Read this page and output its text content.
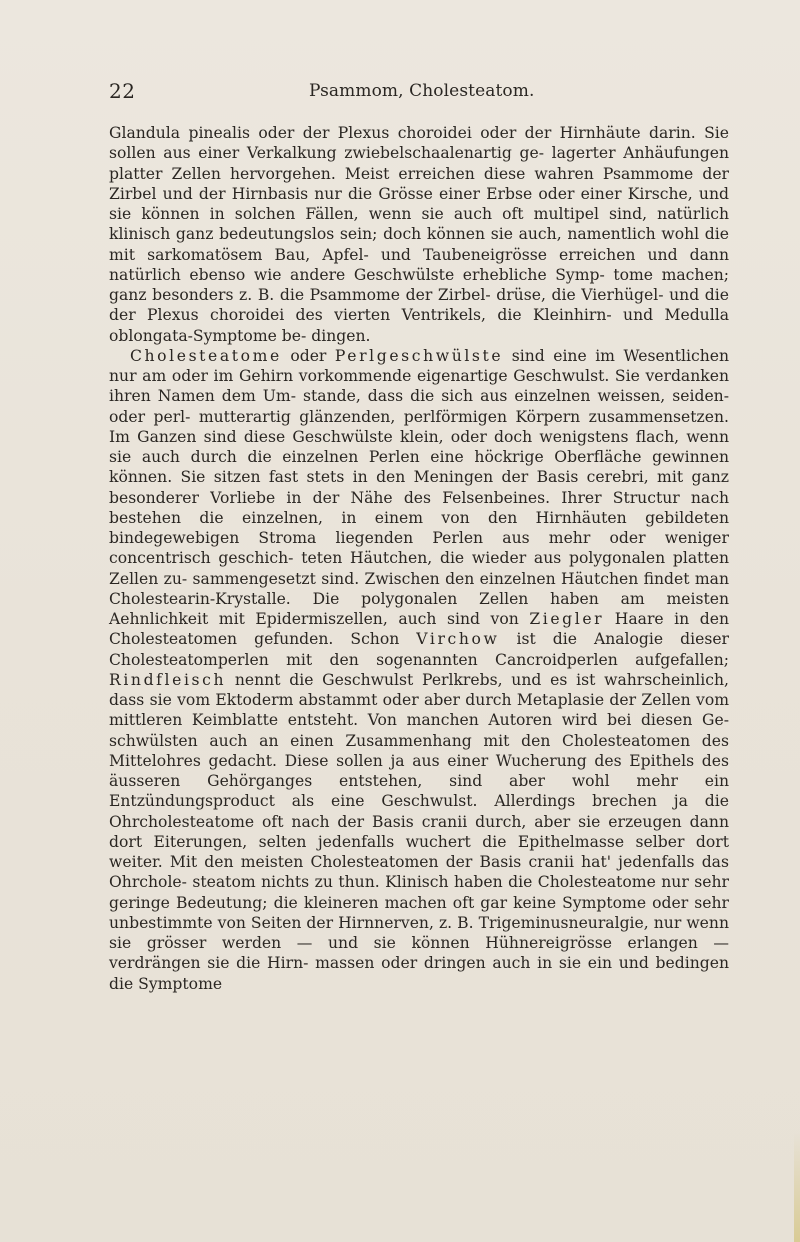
22	Psammom, Cholesteatom.

Glandula pinealis oder der Plexus choroidei oder der Hirnhäute darin. Sie sollen aus einer Verkalkung zwiebelschaalenartig ge- lagerter Anhäufungen platter Zellen hervorgehen. Meist erreichen diese wahren Psammome der Zirbel und der Hirnbasis nur die Grösse einer Erbse oder einer Kirsche, und sie können in solchen Fällen, wenn sie auch oft multipel sind, natürlich klinisch ganz bedeutungslos sein; doch können sie auch, namentlich wohl die mit sarkomatösem Bau, Apfel- und Taubeneigrösse erreichen und dann natürlich ebenso wie andere Geschwülste erhebliche Symp- tome machen; ganz besonders z. B. die Psammome der Zirbel- drüse, die Vierhügel- und die der Plexus choroidei des vierten Ventrikels, die Kleinhirn- und Medulla oblongata-Symptome be- dingen.

Cholesteatome oder Perlgeschwülste sind eine im Wesentlichen nur am oder im Gehirn vorkommende eigenartige Geschwulst. Sie verdanken ihren Namen dem Um- stande, dass die sich aus einzelnen weissen, seiden- oder perl- mutterartig glänzenden, perlförmigen Körpern zusammensetzen. Im Ganzen sind diese Geschwülste klein, oder doch wenigstens flach, wenn sie auch durch die einzelnen Perlen eine höckrige Oberfläche gewinnen können. Sie sitzen fast stets in den Meningen der Basis cerebri, mit ganz besonderer Vorliebe in der Nähe des Felsenbeines. Ihrer Structur nach bestehen die einzelnen, in einem von den Hirnhäuten gebildeten bindegewebigen Stroma liegenden Perlen aus mehr oder weniger concentrisch geschich- teten Häutchen, die wieder aus polygonalen platten Zellen zu- sammengesetzt sind. Zwischen den einzelnen Häutchen findet man Cholestearin-Krystalle. Die polygonalen Zellen haben am meisten Aehnlichkeit mit Epidermiszellen, auch sind von Ziegler Haare in den Cholesteatomen gefunden. Schon Virchow ist die Analogie dieser Cholesteatomperlen mit den sogenannten Cancroidperlen aufgefallen; Rindfleisch nennt die Geschwulst Perlkrebs, und es ist wahrscheinlich, dass sie vom Ektoderm abstammt oder aber durch Metaplasie der Zellen vom mittleren Keimblatte entsteht. Von manchen Autoren wird bei diesen Ge- schwülsten auch an einen Zusammenhang mit den Cholesteatomen des Mittelohres gedacht. Diese sollen ja aus einer Wucherung des Epithels des äusseren Gehörganges entstehen, sind aber wohl mehr ein Entzündungsproduct als eine Geschwulst. Allerdings brechen ja die Ohrcholesteatome oft nach der Basis cranii durch, aber sie erzeugen dann dort Eiterungen, selten jedenfalls wuchert die Epithelmasse selber dort weiter. Mit den meisten Cholesteatomen der Basis cranii hat' jedenfalls das Ohrchole- steatom nichts zu thun. Klinisch haben die Cholesteatome nur sehr geringe Bedeutung; die kleineren machen oft gar keine Symptome oder sehr unbestimmte von Seiten der Hirnnerven, z. B. Trigeminusneuralgie, nur wenn sie grösser werden — und sie können Hühnereigrösse erlangen — verdrängen sie die Hirn- massen oder dringen auch in sie ein und bedingen die Symptome
